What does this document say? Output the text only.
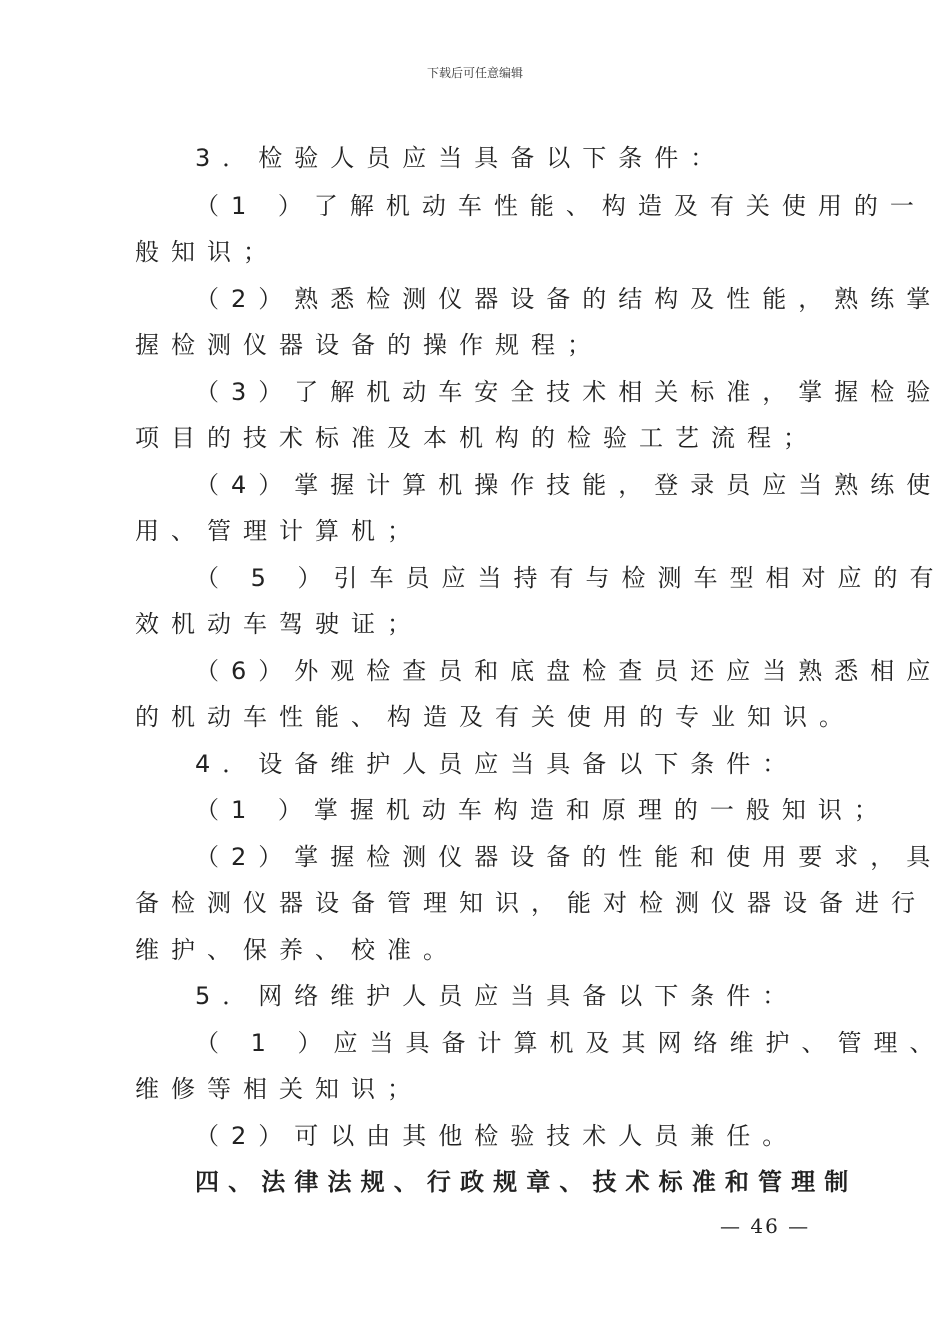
下载后可任意编辑
3．检验人员应当具备以下条件：
（1 ）了解机动车性能、构造及有关使用的一
般知识；
（2）熟悉检测仪器设备的结构及性能，熟练掌
握检测仪器设备的操作规程；
（3）了解机动车安全技术相关标准，掌握检验
项目的技术标准及本机构的检验工艺流程；
（4）掌握计算机操作技能，登录员应当熟练使
用、管理计算机；
（ 5 ）引车员应当持有与检测车型相对应的有
效机动车驾驶证；
（6）外观检查员和底盘检查员还应当熟悉相应
的机动车性能、构造及有关使用的专业知识。
4．设备维护人员应当具备以下条件：
（1 ）掌握机动车构造和原理的一般知识；
（2）掌握检测仪器设备的性能和使用要求，具
备检测仪器设备管理知识，能对检测仪器设备进行
维护、保养、校准。
5．网络维护人员应当具备以下条件：
（ 1 ）应当具备计算机及其网络维护、管理、
维修等相关知识；
（2）可以由其他检验技术人员兼任。
四、法律法规、行政规章、技术标准和管理制
— 46 —
